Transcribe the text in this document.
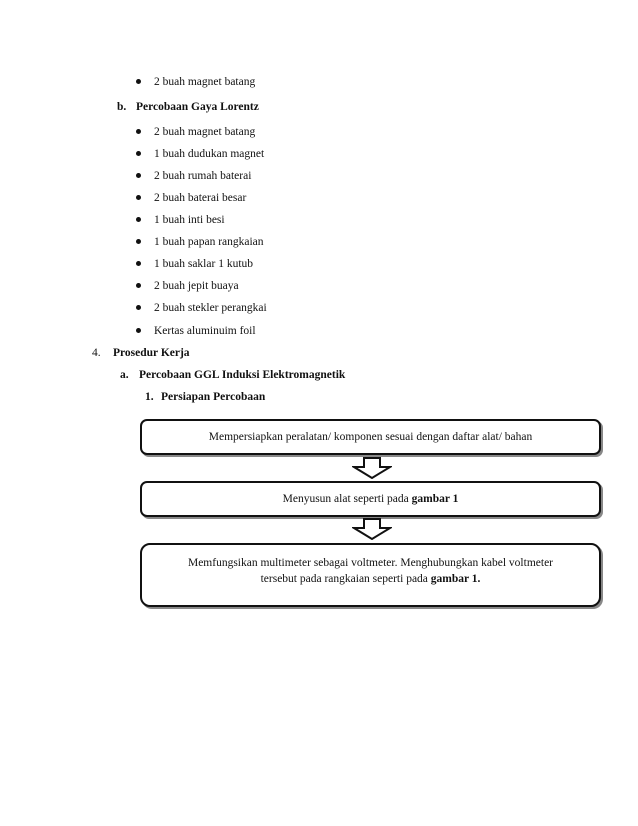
2 buah magnet batang
b. Percobaan Gaya Lorentz
2 buah magnet batang
1 buah dudukan magnet
2 buah rumah baterai
2 buah baterai besar
1 buah inti besi
1 buah papan rangkaian
1 buah saklar 1 kutub
2 buah jepit buaya
2 buah stekler perangkai
Kertas aluminuim foil
4. Prosedur Kerja
a. Percobaan GGL Induksi Elektromagnetik
1. Persiapan Percobaan
Mempersiapkan peralatan/ komponen sesuai dengan daftar alat/ bahan
Menyusun alat seperti pada gambar 1
Memfungsikan multimeter sebagai voltmeter. Menghubungkan kabel voltmeter
tersebut pada rangkaian seperti pada gambar 1.
